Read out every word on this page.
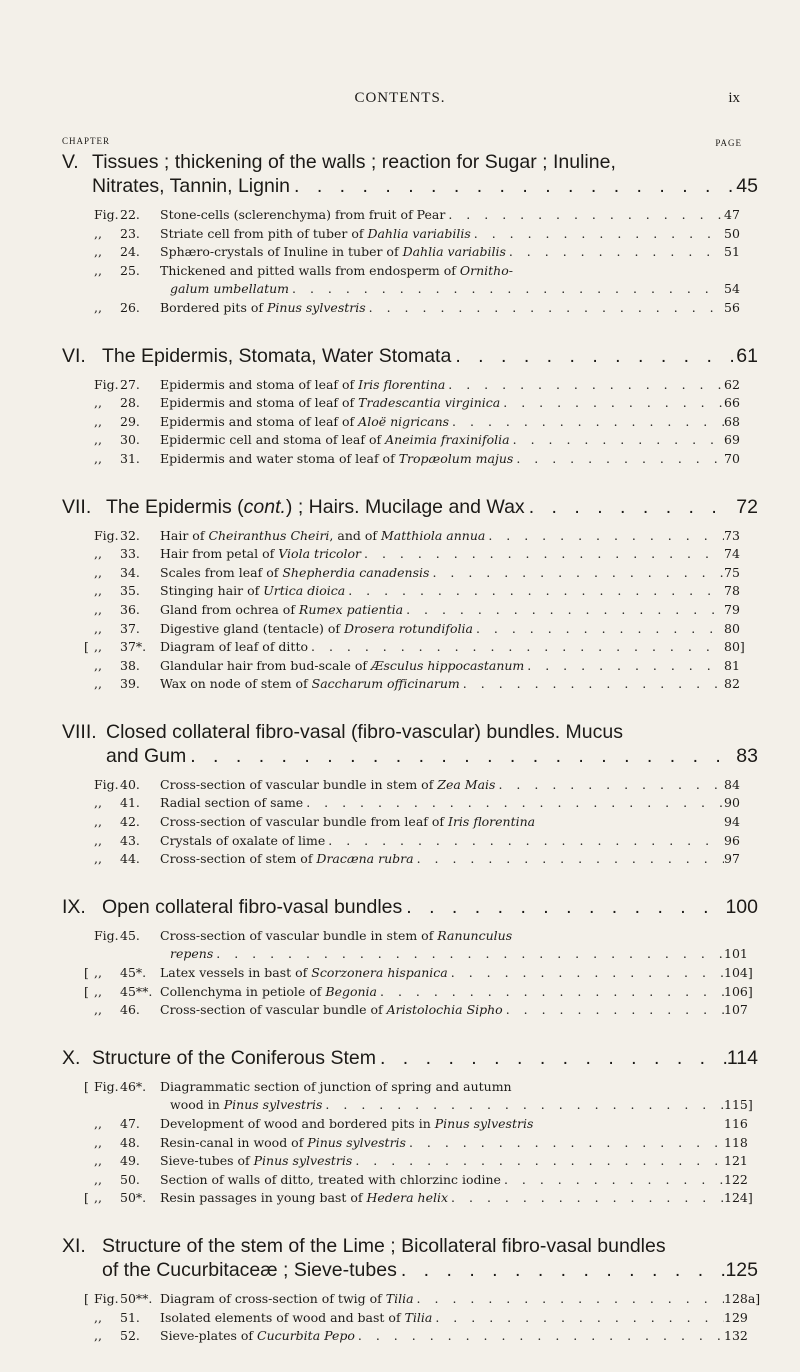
CONTENTS.	ix
CHAPTER	PAGE
V. Tissues ; thickening of the walls ; reaction for Sugar ; Inuline,
Nitrates, Tannin, Lignin . . .	45
Fig. 22.	Stone-cells (sclerenchyma) from fruit of Pear . . .	47
,,	23.	Striate cell from pith of tuber of Dahlia variabilis . . .	50
,,	24.	Sphæro-crystals of Inuline in tuber of Dahlia variabilis . . .	51
,,	25.	Thickened and pitted walls from endosperm of Ornitho-
galum umbellatum . . .	54
,,	26.	Bordered pits of Pinus sylvestris . . .	56
VI. The Epidermis, Stomata, Water Stomata . . .	61
Fig. 27.	Epidermis and stoma of leaf of Iris florentina . . .	62
,,	28.	Epidermis and stoma of leaf of Tradescantia virginica . . .	66
,,	29.	Epidermis and stoma of leaf of Aloë nigricans . . .	68
,,	30.	Epidermic cell and stoma of leaf of Aneimia fraxinifolia . . .	69
,,	31.	Epidermis and water stoma of leaf of Tropæolum majus . . .	70
VII. The Epidermis (cont.) ; Hairs. Mucilage and Wax . . .	72
Fig. 32.	Hair of Cheiranthus Cheiri, and of Matthiola annua . . .	73
,,	33.	Hair from petal of Viola tricolor . . .	74
,,	34.	Scales from leaf of Shepherdia canadensis . . .	75
,,	35.	Stinging hair of Urtica dioica . . .	78
,,	36.	Gland from ochrea of Rumex patientia . . .	79
,,	37.	Digestive gland (tentacle) of Drosera rotundifolia . . .	80
[ ,,	37*.	Diagram of leaf of ditto . . .	80]
,,	38.	Glandular hair from bud-scale of Æsculus hippocastanum . . .	81
,,	39.	Wax on node of stem of Saccharum officinarum . . .	82
VIII. Closed collateral fibro-vasal (fibro-vascular) bundles. Mucus
and Gum . . .	83
Fig. 40.	Cross-section of vascular bundle in stem of Zea Mais . . .	84
,,	41.	Radial section of same . . .	90
,,	42.	Cross-section of vascular bundle from leaf of Iris florentina	94
,,	43.	Crystals of oxalate of lime . . .	96
,,	44.	Cross-section of stem of Dracæna rubra . . .	97
IX. Open collateral fibro-vasal bundles . . .	100
Fig. 45.	Cross-section of vascular bundle in stem of Ranunculus
repens . . .	101
[ ,,	45*.	Latex vessels in bast of Scorzonera hispanica . . .	104]
[ ,,	45**. Collenchyma in petiole of Begonia . . .	106]
,,	46.	Cross-section of vascular bundle of Aristolochia Sipho . . .	107
X. Structure of the Coniferous Stem . . .	114
[ Fig. 46*.	Diagrammatic section of junction of spring and autumn
wood in Pinus sylvestris . . .	115]
,,	47.	Development of wood and bordered pits in Pinus sylvestris	116
,,	48.	Resin-canal in wood of Pinus sylvestris . . .	118
,,	49.	Sieve-tubes of Pinus sylvestris . . .	121
,,	50.	Section of walls of ditto, treated with chlorzinc iodine . . .	122
[ ,,	50*.	Resin passages in young bast of Hedera helix . . .	124]
XI. Structure of the stem of the Lime ; Bicollateral fibro-vasal bundles
of the Cucurbitaceæ ; Sieve-tubes . . .	125
[ Fig. 50**. Diagram of cross-section of twig of Tilia . . .	128a]
,,	51.	Isolated elements of wood and bast of Tilia . . .	129
,,	52.	Sieve-plates of Cucurbita Pepo . . .	132
